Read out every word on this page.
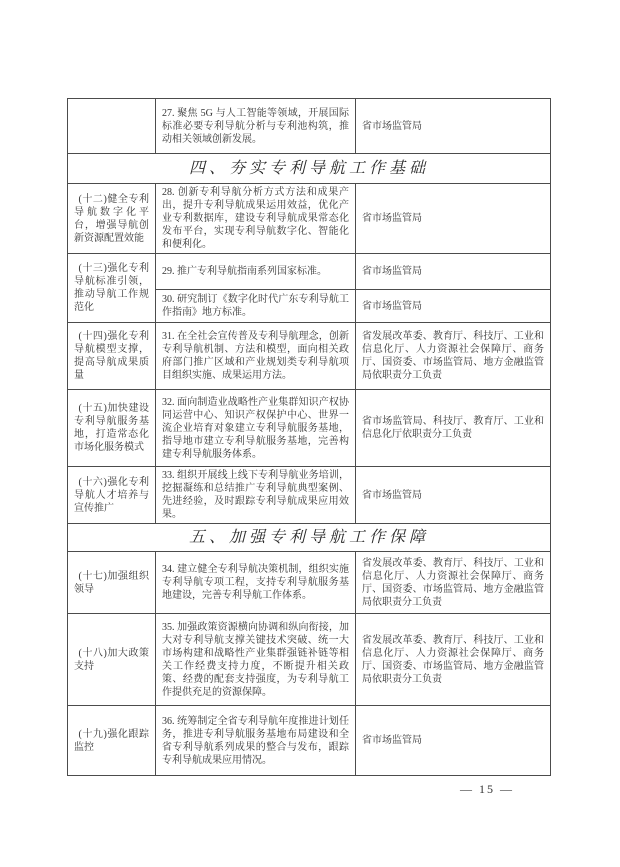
	27. 聚焦 5G 与人工智能等领域，开展国际标准必要专利导航分析与专利池构筑，推动相关领域创新发展。	省市场监管局
四、夯实专利导航工作基础		
(十二)健全专利导航数字化平台，增强导航创新资源配置效能	28. 创新专利导航分析方式方法和成果产出，提升专利导航成果运用效益，优化产业专利数据库，建设专利导航成果常态化发布平台，实现专利导航数字化、智能化和便利化。	省市场监管局
(十三)强化专利导航标准引领，推动导航工作规范化	29. 推广专利导航指南系列国家标准。	省市场监管局
	30. 研究制订《数字化时代广东专利导航工作指南》地方标准。	省市场监管局
(十四)强化专利导航模型支撑，提高导航成果质量	31. 在全社会宣传普及专利导航理念，创新专利导航机制、方法和模型，面向相关政府部门推广区域和产业规划类专利导航项目组织实施、成果运用方法。	省发展改革委、教育厅、科技厅、工业和信息化厅、人力资源社会保障厅、商务厅、国资委、市场监管局、地方金融监管局依职责分工负责
(十五)加快建设专利导航服务基地，打造常态化市场化服务模式	32. 面向制造业战略性产业集群知识产权协同运营中心、知识产权保护中心、世界一流企业培育对象建立专利导航服务基地，指导地市建立专利导航服务基地，完善构建专利导航服务体系。	省市场监管局、科技厅、教育厅、工业和信息化厅依职责分工负责
(十六)强化专利导航人才培养与宣传推广	33. 组织开展线上线下专利导航业务培训，挖掘凝练和总结推广专利导航典型案例、先进经验，及时跟踪专利导航成果应用效果。	省市场监管局
五、加强专利导航工作保障		
(十七)加强组织领导	34. 建立健全专利导航决策机制，组织实施专利导航专项工程，支持专利导航服务基地建设，完善专利导航工作体系。	省发展改革委、教育厅、科技厅、工业和信息化厅、人力资源社会保障厅、商务厅、国资委、市场监管局、地方金融监管局依职责分工负责
(十八)加大政策支持	35. 加强政策资源横向协调和纵向衔接，加大对专利导航支撑关键技术突破、统一大市场构建和战略性产业集群强链补链等相关工作经费支持力度，不断提升相关政策、经费的配套支持强度，为专利导航工作提供充足的资源保障。	省发展改革委、教育厅、科技厅、工业和信息化厅、人力资源社会保障厅、商务厅、国资委、市场监管局、地方金融监管局依职责分工负责
(十九)强化跟踪监控	36. 统筹制定全省专利导航年度推进计划任务，推进专利导航服务基地布局建设和全省专利导航系列成果的整合与发布，跟踪专利导航成果应用情况。	省市场监管局
— 15 —
